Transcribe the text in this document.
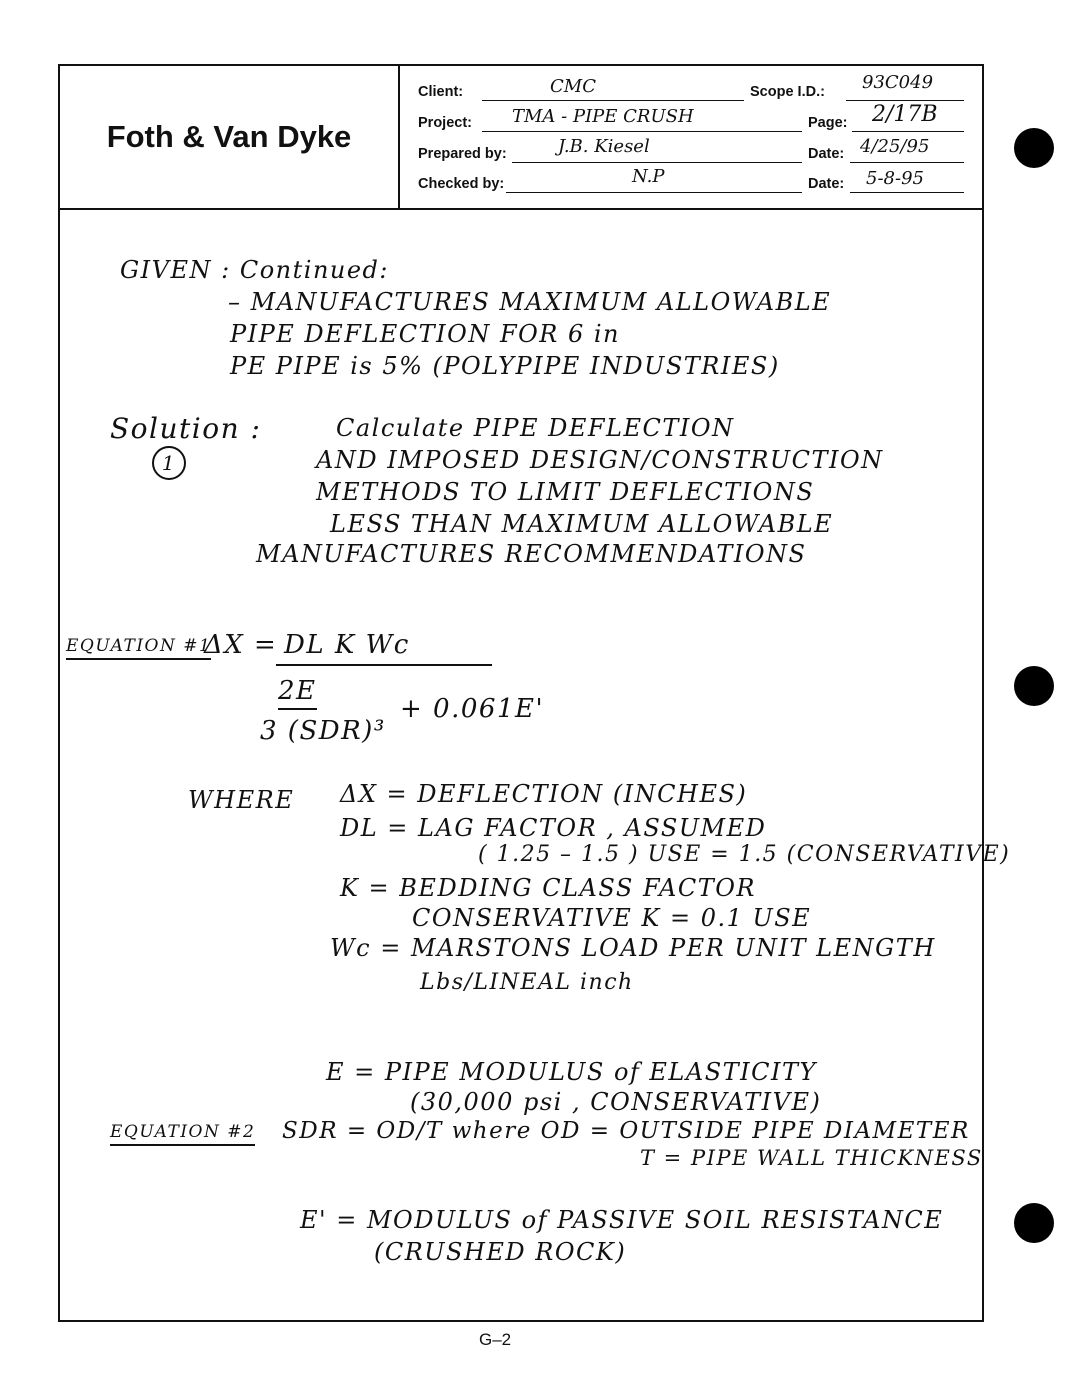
Foth & Van Dyke
Client:	CMC	Scope I.D.: 93C049
Project: TMA - PIPE CRUSH	Page: 2/17B
Prepared by:	J.B. Kiesel	Date: 4/25/95
Checked by:	N.P	Date: 5-8-95
GIVEN : Continued:
– MANUFACTURES MAXIMUM ALLOWABLE
PIPE DEFLECTION FOR 6 in
PE PIPE is 5% (POLYPIPE INDUSTRIES)
Solution :
1
Calculate PIPE DEFLECTION
AND IMPOSED DESIGN/CONSTRUCTION
METHODS TO LIMIT DEFLECTIONS
LESS THAN MAXIMUM ALLOWABLE
MANUFACTURES RECOMMENDATIONS
EQUATION #1
ΔX = DL K Wc
2E
3 (SDR)³
+ 0.061E'
WHERE ΔX = DEFLECTION (INCHES)
DL = LAG FACTOR , ASSUMED
( 1.25 – 1.5 ) USE = 1.5 (CONSERVATIVE)
K = BEDDING CLASS FACTOR
CONSERVATIVE K = 0.1 USE
Wc = MARSTONS LOAD PER UNIT LENGTH
Lbs/LINEAL inch
E = PIPE MODULUS of ELASTICITY
(30,000 psi , CONSERVATIVE)
EQUATION #2 SDR = OD/T where OD = OUTSIDE PIPE DIAMETER
T = PIPE WALL THICKNESS
E' = MODULUS of PASSIVE SOIL RESISTANCE
(CRUSHED ROCK)
G–2
